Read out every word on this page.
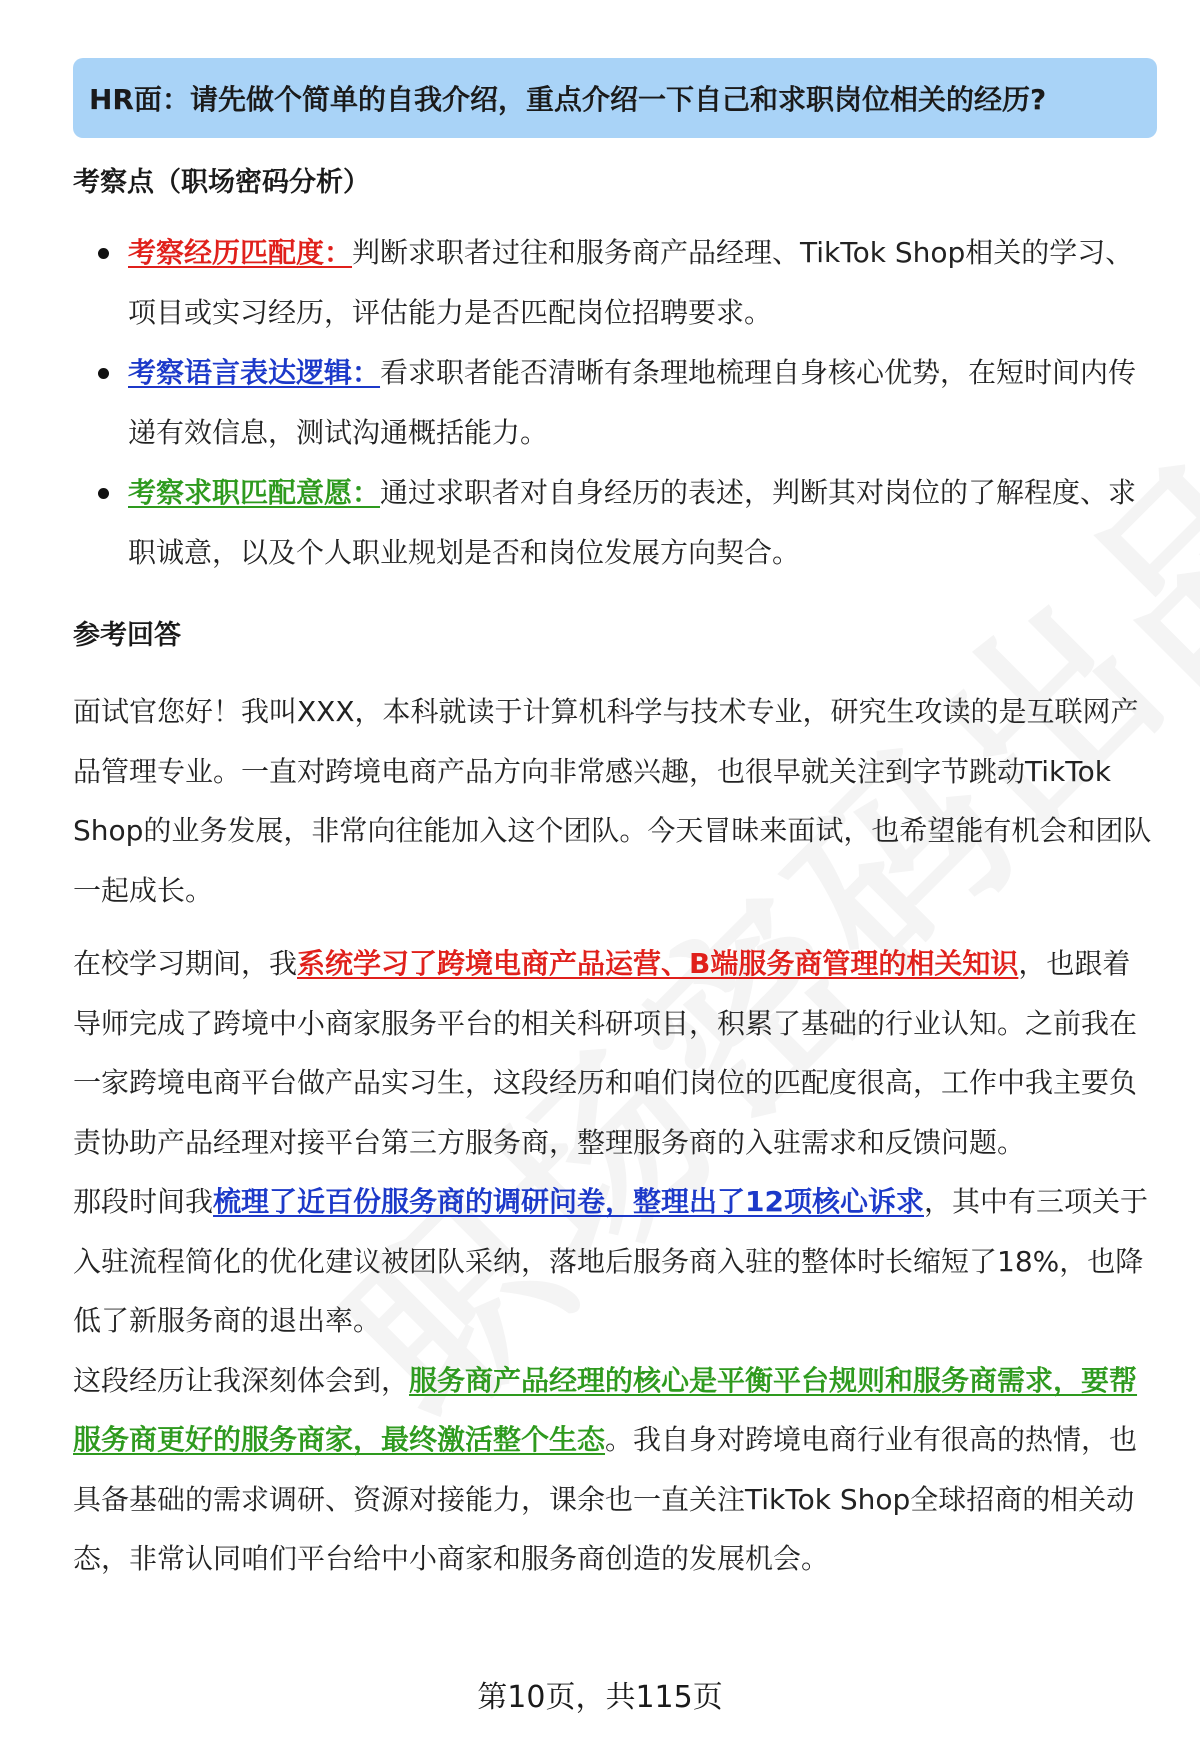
HR面：请先做个简单的自我介绍，重点介绍一下自己和求职岗位相关的经历?

考察点（职场密码分析）

考察经历匹配度：判断求职者过往和服务商产品经理、TikTok Shop相关的学习、项目或实习经历，评估能力是否匹配岗位招聘要求。
考察语言表达逻辑：看求职者能否清晰有条理地梳理自身核心优势，在短时间内传递有效信息，测试沟通概括能力。
考察求职匹配意愿：通过求职者对自身经历的表述，判断其对岗位的了解程度、求职诚意，以及个人职业规划是否和岗位发展方向契合。

参考回答

面试官您好！我叫XXX，本科就读于计算机科学与技术专业，研究生攻读的是互联网产品管理专业。一直对跨境电商产品方向非常感兴趣，也很早就关注到字节跳动TikTok Shop的业务发展，非常向往能加入这个团队。今天冒昧来面试，也希望能有机会和团队一起成长。

在校学习期间，我系统学习了跨境电商产品运营、B端服务商管理的相关知识，也跟着导师完成了跨境中小商家服务平台的相关科研项目，积累了基础的行业认知。之前我在一家跨境电商平台做产品实习生，这段经历和咱们岗位的匹配度很高，工作中我主要负责协助产品经理对接平台第三方服务商，整理服务商的入驻需求和反馈问题。

那段时间我梳理了近百份服务商的调研问卷，整理出了12项核心诉求，其中有三项关于入驻流程简化的优化建议被团队采纳，落地后服务商入驻的整体时长缩短了18%，也降低了新服务商的退出率。

这段经历让我深刻体会到，服务商产品经理的核心是平衡平台规则和服务商需求，要帮服务商更好的服务商家，最终激活整个生态。我自身对跨境电商行业有很高的热情，也具备基础的需求调研、资源对接能力，课余也一直关注TikTok Shop全球招商的相关动态，非常认同咱们平台给中小商家和服务商创造的发展机会。

第10页，共115页
